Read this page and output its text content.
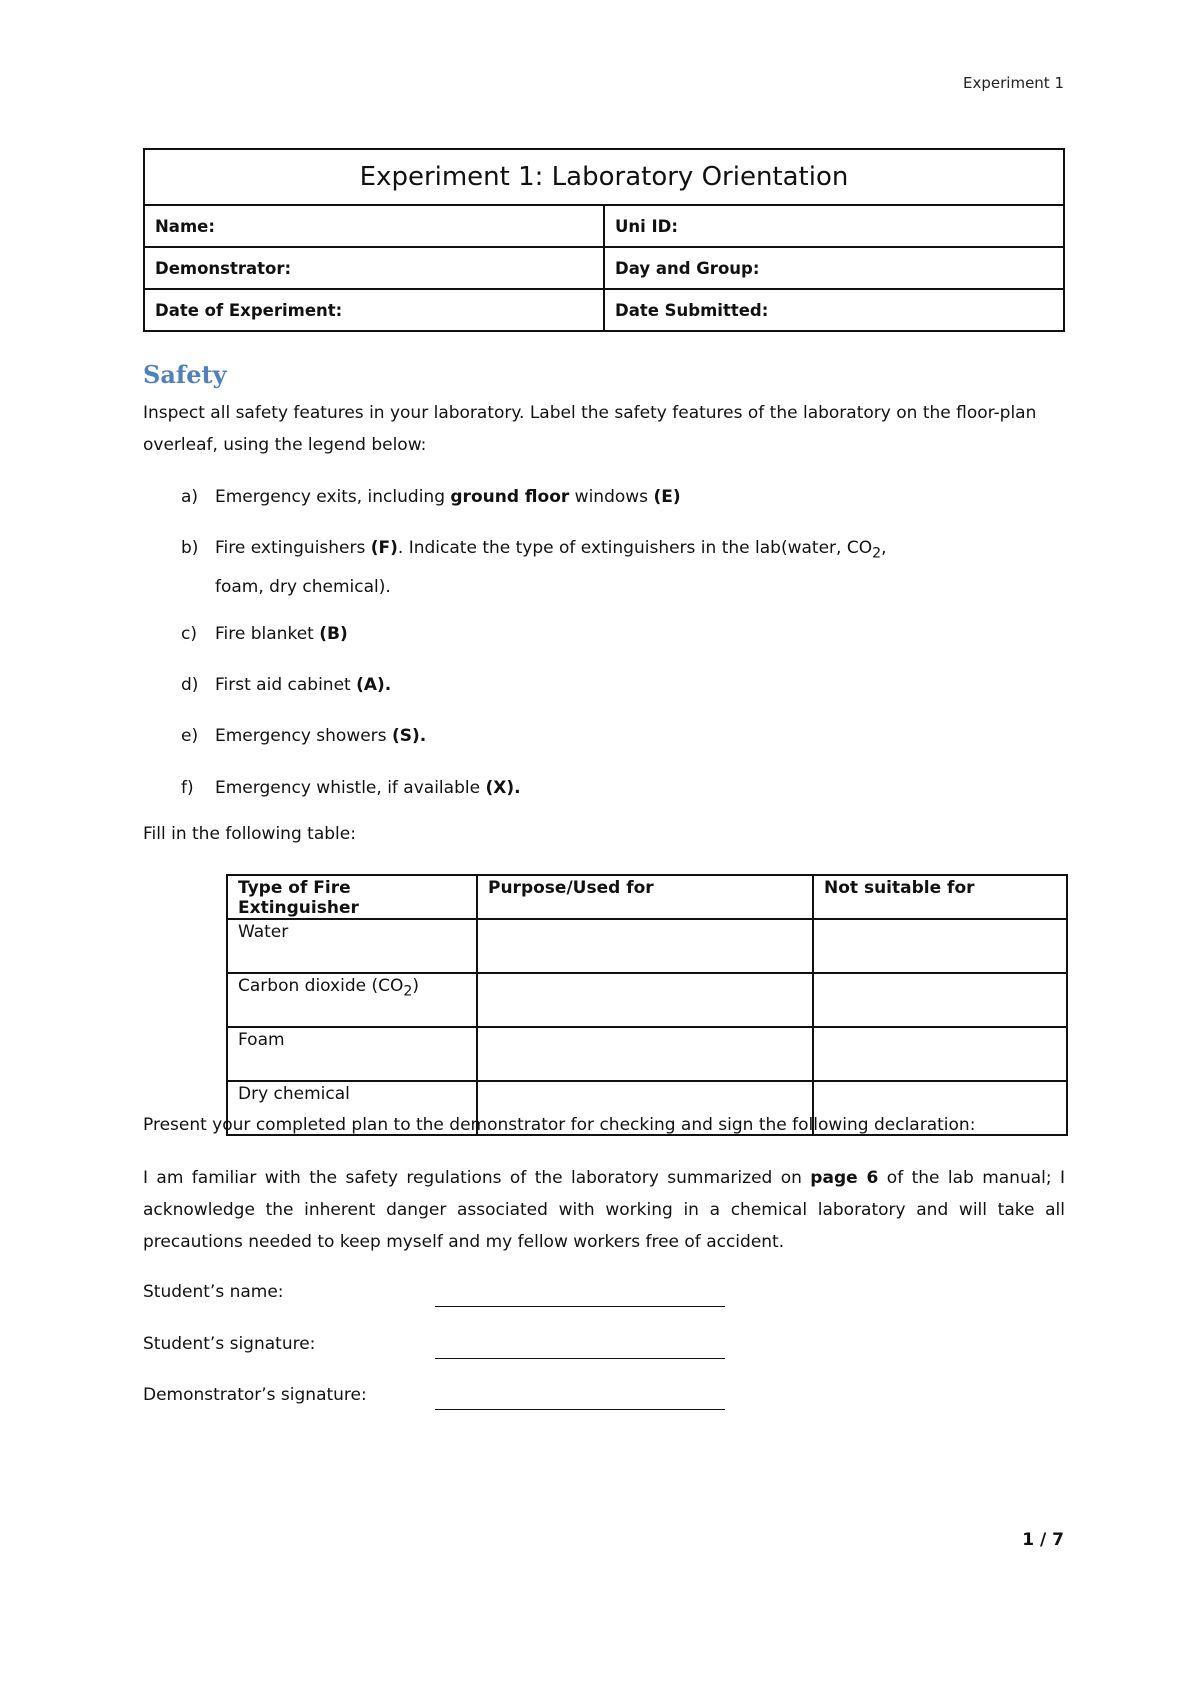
Experiment 1
Experiment 1: Laboratory Orientation	
Name:	Uni ID:
Demonstrator:	Day and Group:
Date of Experiment:	Date Submitted:
Safety

Inspect all safety features in your laboratory. Label the safety features of the laboratory on the floor-plan overleaf, using the legend below:

a) Emergency exits, including ground floor windows (E)
b) Fire extinguishers (F). Indicate the type of extinguishers in the lab(water, $CO_2$, foam, dry chemical).
c) Fire blanket (B)
d) First aid cabinet (A).
e) Emergency showers (S).
f) Emergency whistle, if available (X).

Fill in the following table:

Type of Fire Extinguisher	Purpose/Used for	Not suitable for
Water		
Carbon dioxide $(CO_2)$		
Foam		
Dry chemical		

Present your completed plan to the demonstrator for checking and sign the following declaration:

I am familiar with the safety regulations of the laboratory summarized on page 6 of the lab manual; I acknowledge the inherent danger associated with working in a chemical laboratory and will take all precautions needed to keep myself and my fellow workers free of accident.

Student’s name:
Student’s signature:
Demonstrator’s signature:
1 / 7
